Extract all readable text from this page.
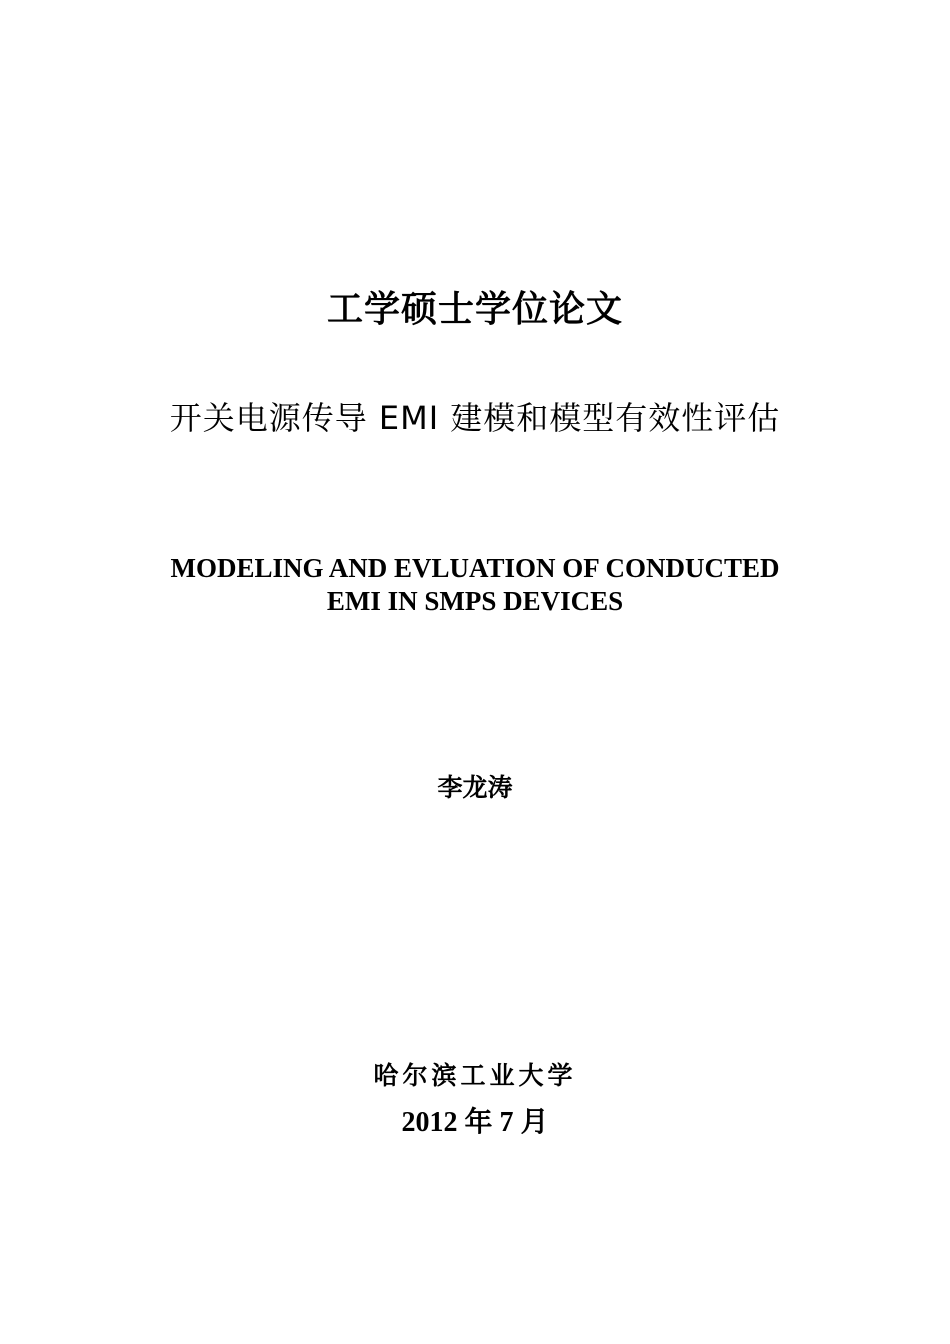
工学硕士学位论文
开关电源传导 EMI 建模和模型有效性评估
MODELING AND EVLUATION OF CONDUCTED
EMI IN SMPS DEVICES
李龙涛
哈尔滨工业大学
2012 年 7 月
